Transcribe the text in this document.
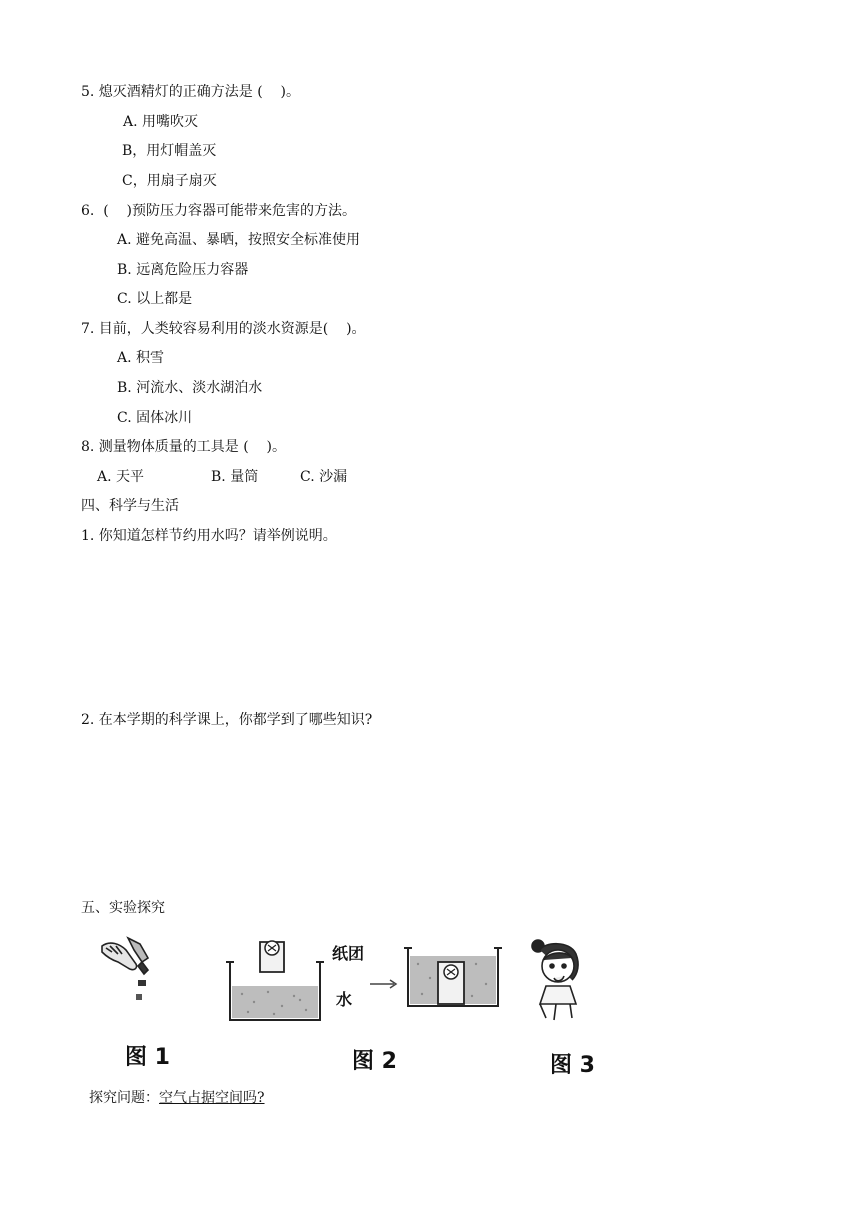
5. 熄灭酒精灯的正确方法是 (    )。
A. 用嘴吹灭
B，用灯帽盖灭
C，用扇子扇灭
6.  (    )预防压力容器可能带来危害的方法。
A. 避免高温、暴晒，按照安全标准使用
B. 远离危险压力容器
C. 以上都是
7. 目前，人类较容易利用的淡水资源是(    )。
A. 积雪
B. 河流水、淡水湖泊水
C. 固体冰川
8. 测量物体质量的工具是 (    )。
A. 天平	B. 量筒	C. 沙漏
四、科学与生活
1. 你知道怎样节约用水吗？请举例说明。
2. 在本学期的科学课上，你都学到了哪些知识?
五、实验探究
图 1
纸团
水
图 2	图 3
探究问题：空气占据空间吗?
